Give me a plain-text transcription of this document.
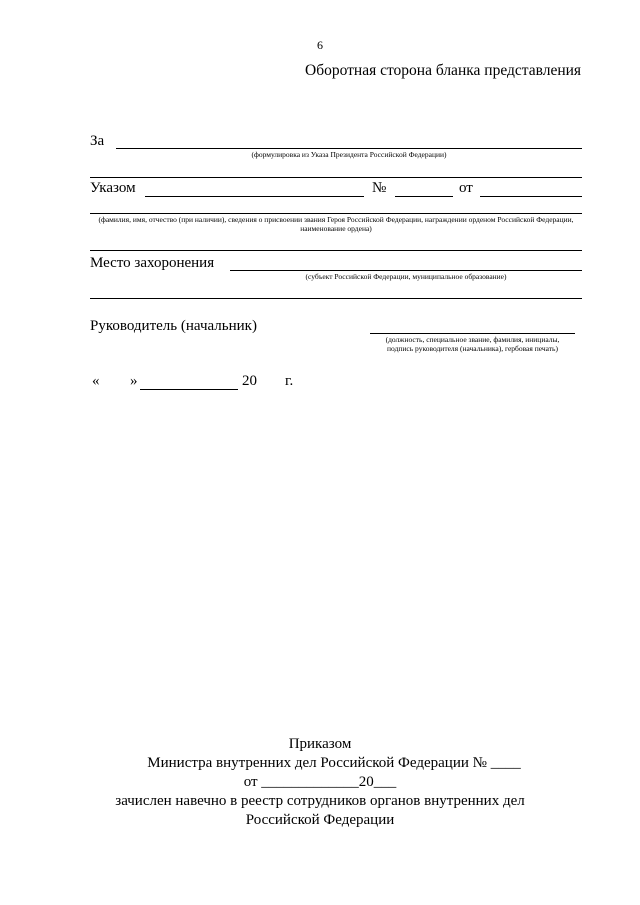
6
Оборотная сторона бланка представления
За
(формулировка из Указа Президента Российской Федерации)
Указом	№	от
(фамилия, имя, отчество (при наличии), сведения о присвоении звания Героя Российской Федерации, награждении орденом Российской Федерации, наименование ордена)
Место захоронения
(субъект Российской Федерации, муниципальное образование)
Руководитель (начальник)
(должность, специальное звание, фамилия, инициалы,
подпись руководителя (начальника), гербовая печать)
« »	20 г.
Приказом
Министра внутренних дел Российской Федерации № ____
от _____________20___
зачислен навечно в реестр сотрудников органов внутренних дел
Российской Федерации
